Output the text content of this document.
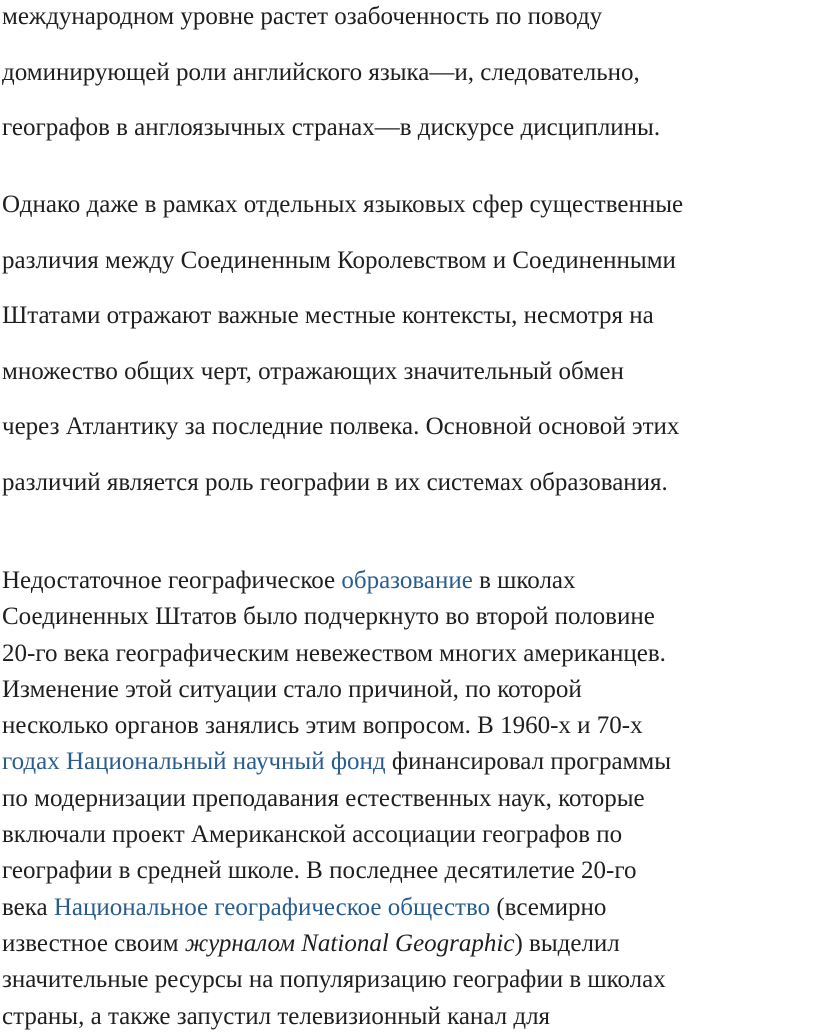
международном уровне растет озабоченность по поводу
доминирующей роли английского языка—и, следовательно,
географов в англоязычных странах—в дискурсе дисциплины.

Однако даже в рамках отдельных языковых сфер существенные
различия между Соединенным Королевством и Соединенными
Штатами отражают важные местные контексты, несмотря на
множество общих черт, отражающих значительный обмен
через Атлантику за последние полвека. Основной основой этих
различий является роль географии в их системах образования.

Недостаточное географическое образование в школах
Соединенных Штатов было подчеркнуто во второй половине
20-го века географическим невежеством многих американцев.
Изменение этой ситуации стало причиной, по которой
несколько органов занялись этим вопросом. В 1960-х и 70-х
годах Национальный научный фонд финансировал программы
по модернизации преподавания естественных наук, которые
включали проект Американской ассоциации географов по
географии в средней школе. В последнее десятилетие 20-го
века Национальное географическое общество (всемирно
известное своим журналом National Geographic) выделил
значительные ресурсы на популяризацию географии в школах
страны, а также запустил телевизионный канал для
